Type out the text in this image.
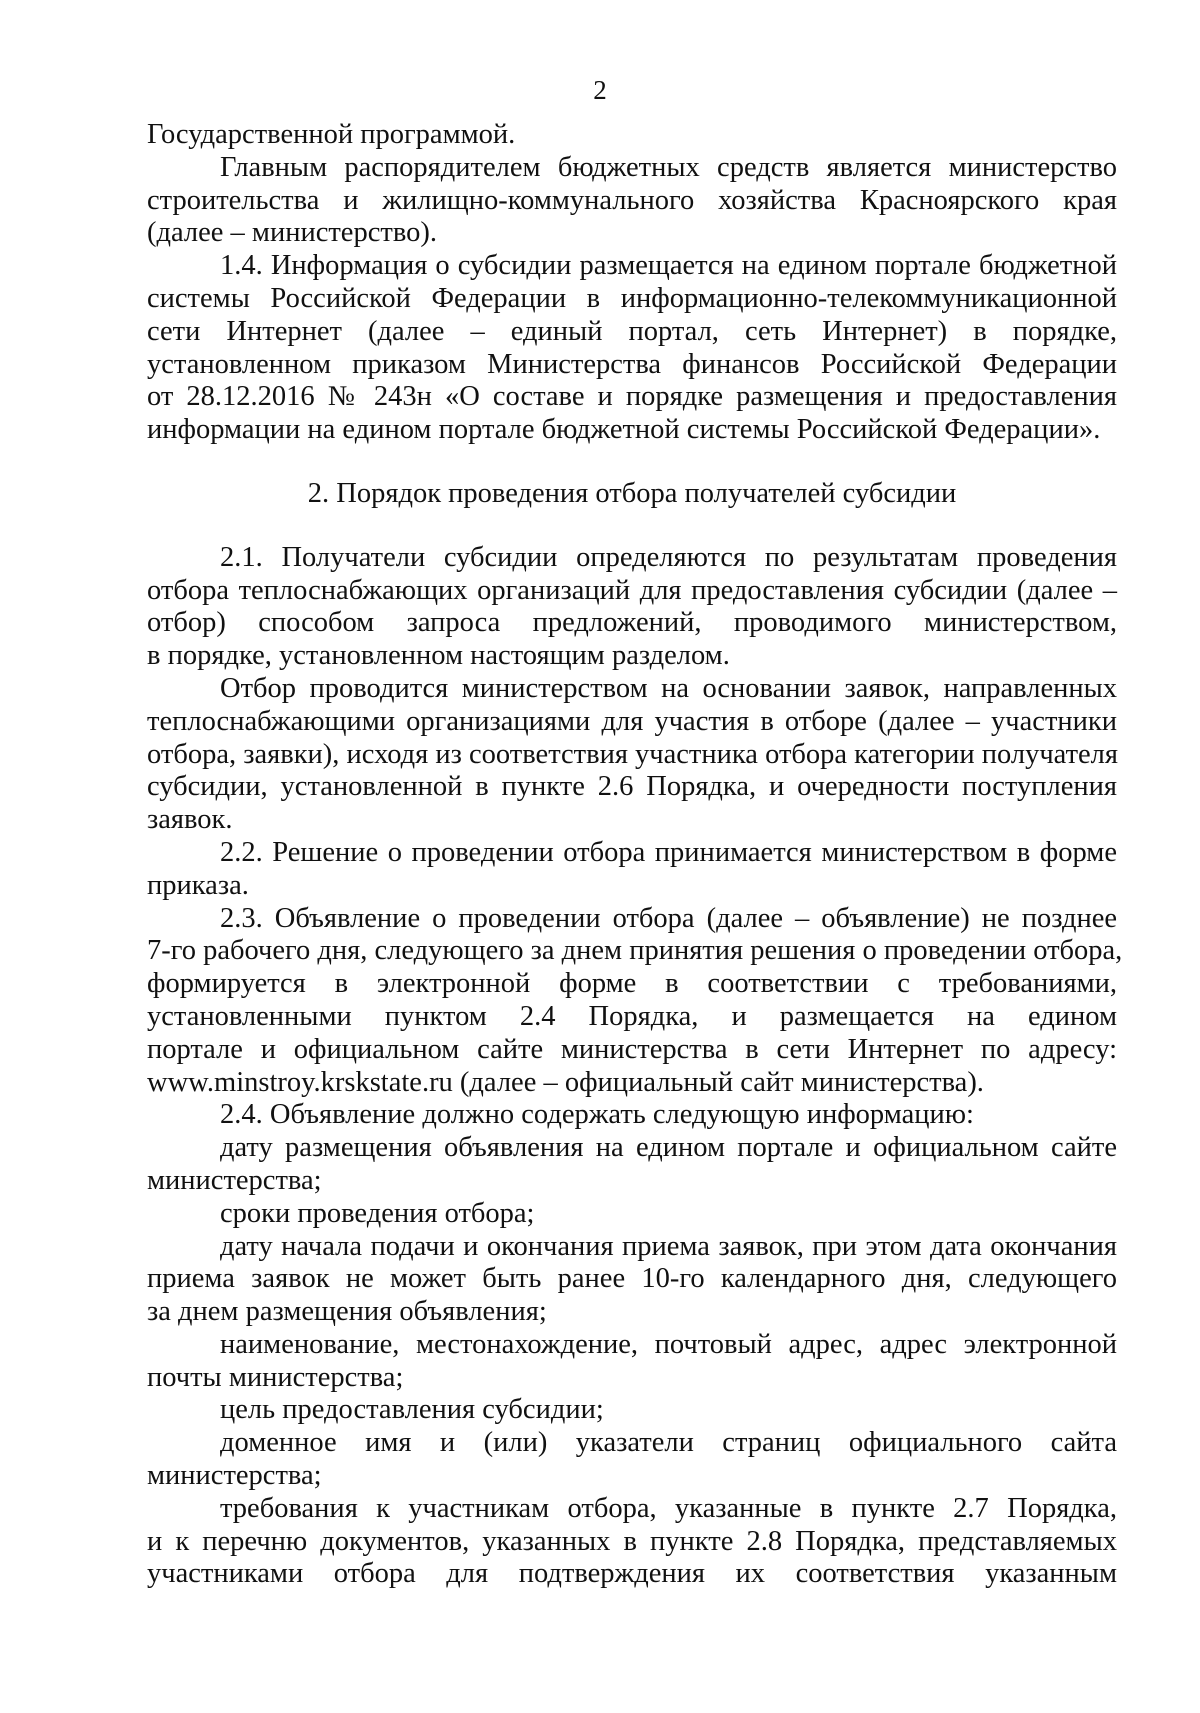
2
Государственной программой.
Главным распорядителем бюджетных средств является министерство
строительства и жилищно-коммунального хозяйства Красноярского края
(далее – министерство).
1.4. Информация о субсидии размещается на едином портале бюджетной
системы Российской Федерации в информационно-телекоммуникационной
сети Интернет (далее – единый портал, сеть Интернет) в порядке,
установленном приказом Министерства финансов Российской Федерации
от 28.12.2016 № 243н «О составе и порядке размещения и предоставления
информации на едином портале бюджетной системы Российской Федерации».
2. Порядок проведения отбора получателей субсидии
2.1. Получатели субсидии определяются по результатам проведения
отбора теплоснабжающих организаций для предоставления субсидии (далее –
отбор) способом запроса предложений, проводимого министерством,
в порядке, установленном настоящим разделом.
Отбор проводится министерством на основании заявок, направленных
теплоснабжающими организациями для участия в отборе (далее – участники
отбора, заявки), исходя из соответствия участника отбора категории получателя
субсидии, установленной в пункте 2.6 Порядка, и очередности поступления
заявок.
2.2. Решение о проведении отбора принимается министерством в форме
приказа.
2.3. Объявление о проведении отбора (далее – объявление) не позднее
7-го рабочего дня, следующего за днем принятия решения о проведении отбора,
формируется в электронной форме в соответствии с требованиями,
установленными пунктом 2.4 Порядка, и размещается на едином
портале и официальном сайте министерства в сети Интернет по адресу:
www.minstroy.krskstate.ru (далее – официальный сайт министерства).
2.4. Объявление должно содержать следующую информацию:
дату размещения объявления на едином портале и официальном сайте
министерства;
сроки проведения отбора;
дату начала подачи и окончания приема заявок, при этом дата окончания
приема заявок не может быть ранее 10-го календарного дня, следующего
за днем размещения объявления;
наименование, местонахождение, почтовый адрес, адрес электронной
почты министерства;
цель предоставления субсидии;
доменное имя и (или) указатели страниц официального сайта
министерства;
требования к участникам отбора, указанные в пункте 2.7 Порядка,
и к перечню документов, указанных в пункте 2.8 Порядка, представляемых
участниками отбора для подтверждения их соответствия указанным
